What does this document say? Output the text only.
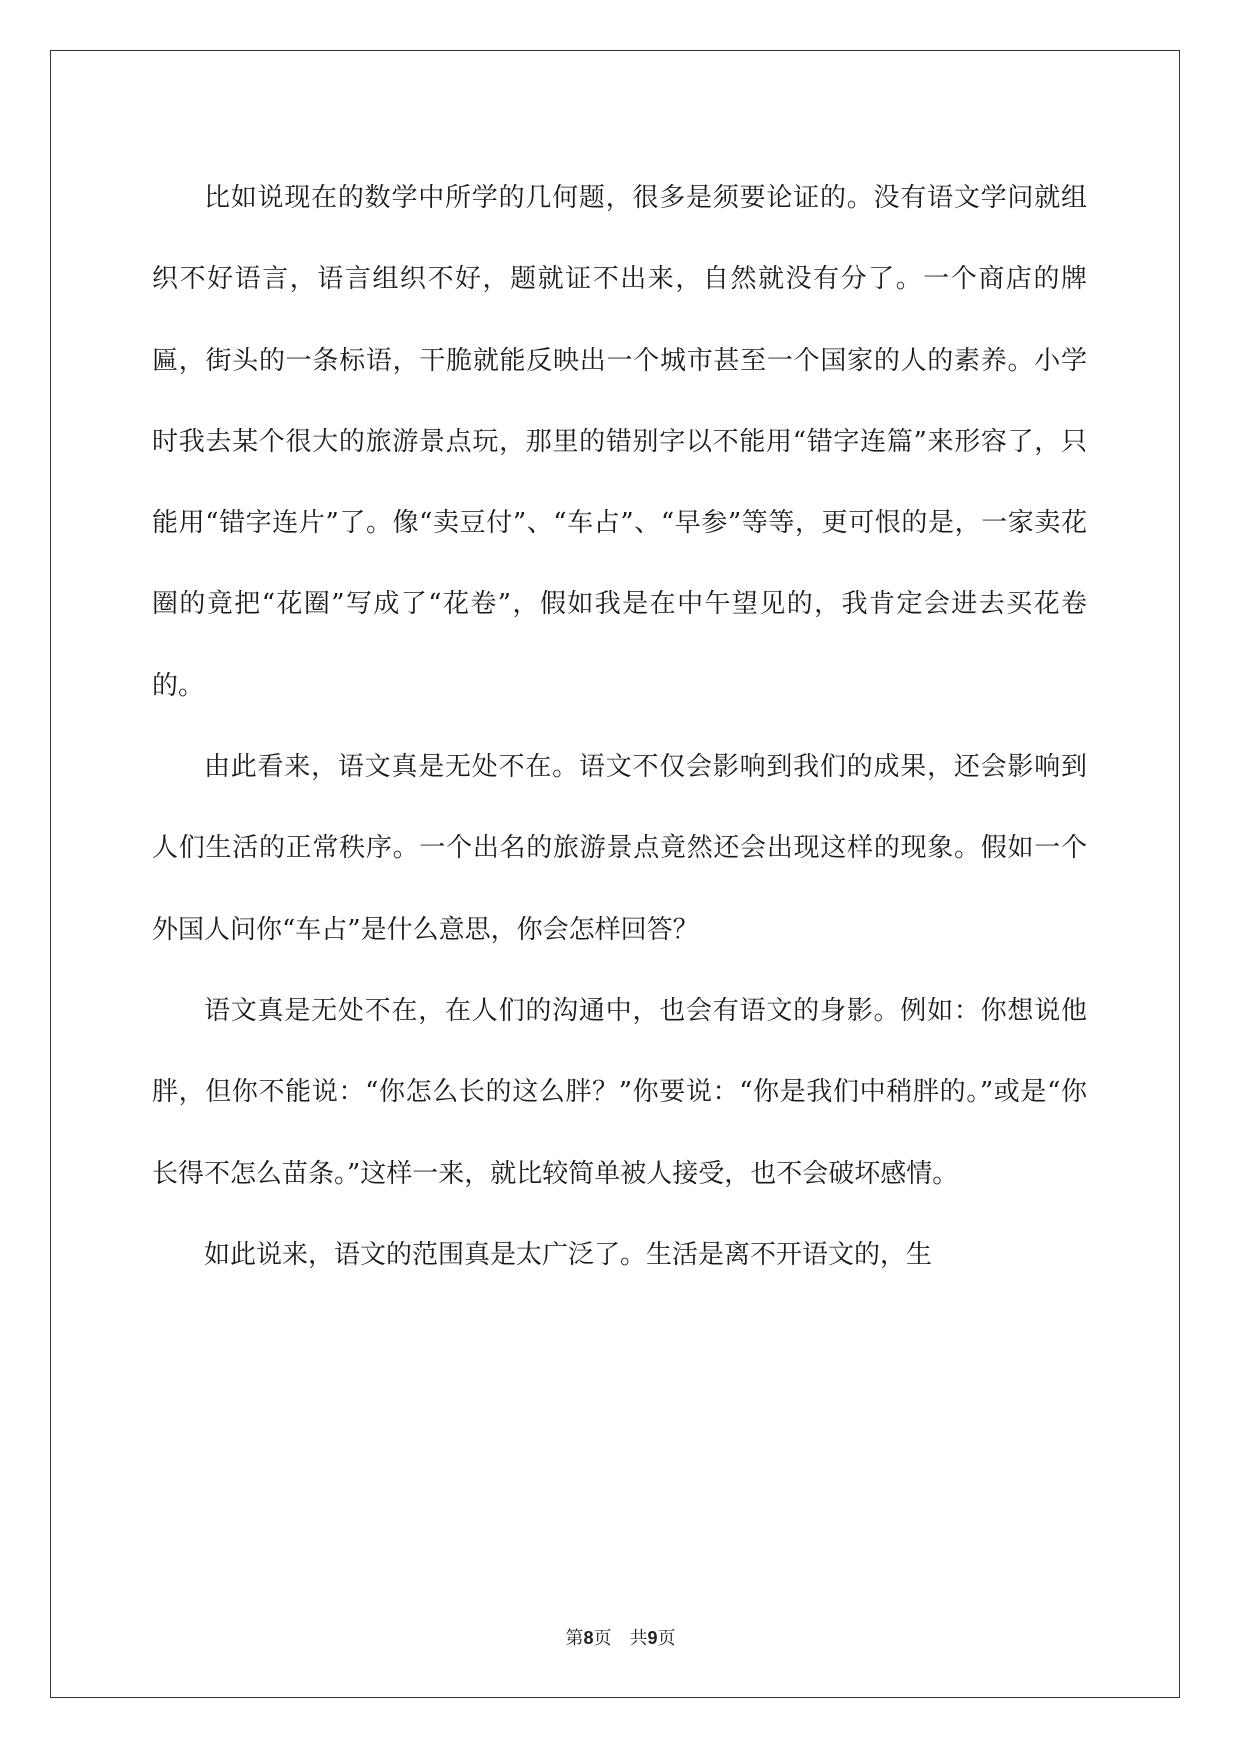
比如说现在的数学中所学的几何题，很多是须要论证的。没有语文学问就组织不好语言，语言组织不好，题就证不出来，自然就没有分了。一个商店的牌匾，街头的一条标语，干脆就能反映出一个城市甚至一个国家的人的素养。小学时我去某个很大的旅游景点玩，那里的错别字以不能用“错字连篇”来形容了，只能用“错字连片”了。像“卖豆付”、“车占”、“早参”等等，更可恨的是，一家卖花圈的竟把“花圈”写成了“花卷”，假如我是在中午望见的，我肯定会进去买花卷的。

由此看来，语文真是无处不在。语文不仅会影响到我们的成果，还会影响到人们生活的正常秩序。一个出名的旅游景点竟然还会出现这样的现象。假如一个外国人问你“车占”是什么意思，你会怎样回答？

语文真是无处不在，在人们的沟通中，也会有语文的身影。例如：你想说他胖，但你不能说：“你怎么长的这么胖？”你要说：“你是我们中稍胖的。”或是“你长得不怎么苗条。”这样一来，就比较简单被人接受，也不会破坏感情。

如此说来，语文的范围真是太广泛了。生活是离不开语文的，生

第8页 共9页
